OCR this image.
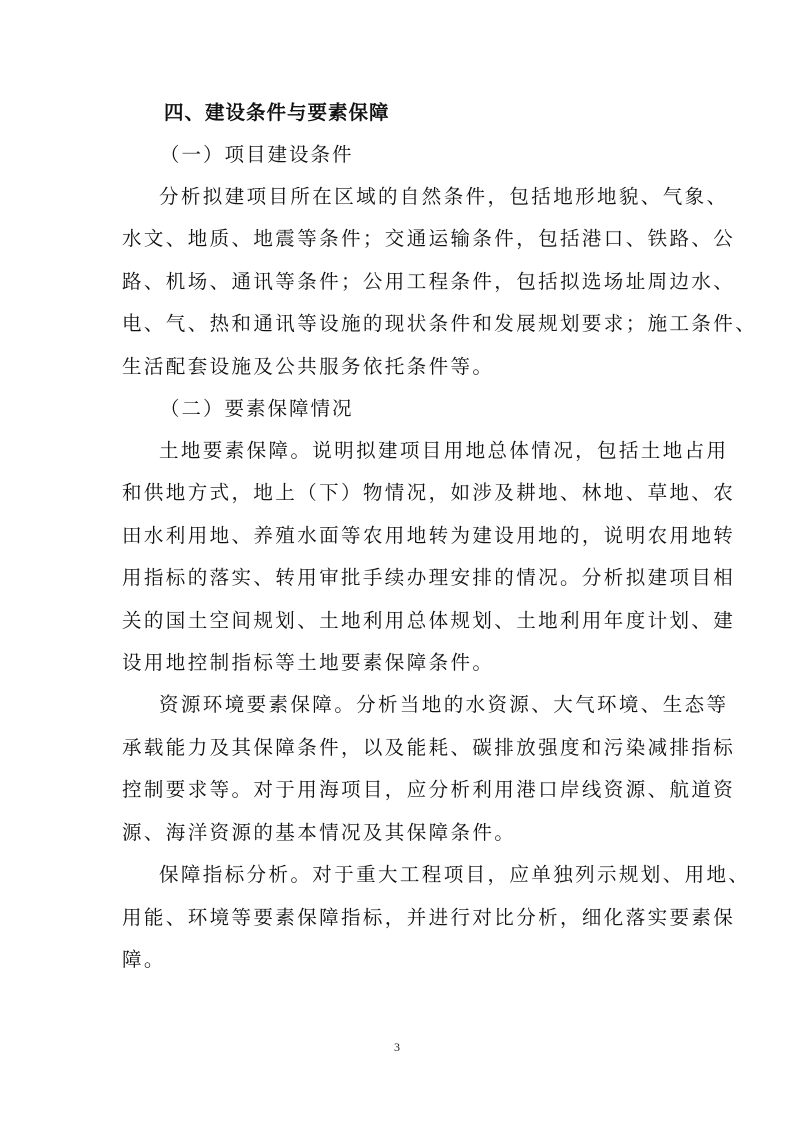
四、建设条件与要素保障
（一）项目建设条件
分析拟建项目所在区域的自然条件，包括地形地貌、气象、
水文、地质、地震等条件；交通运输条件，包括港口、铁路、公
路、机场、通讯等条件；公用工程条件，包括拟选场址周边水、
电、气、热和通讯等设施的现状条件和发展规划要求；施工条件、
生活配套设施及公共服务依托条件等。
（二）要素保障情况
土地要素保障。说明拟建项目用地总体情况，包括土地占用
和供地方式，地上（下）物情况，如涉及耕地、林地、草地、农
田水利用地、养殖水面等农用地转为建设用地的，说明农用地转
用指标的落实、转用审批手续办理安排的情况。分析拟建项目相
关的国土空间规划、土地利用总体规划、土地利用年度计划、建
设用地控制指标等土地要素保障条件。
资源环境要素保障。分析当地的水资源、大气环境、生态等
承载能力及其保障条件，以及能耗、碳排放强度和污染减排指标
控制要求等。对于用海项目，应分析利用港口岸线资源、航道资
源、海洋资源的基本情况及其保障条件。
保障指标分析。对于重大工程项目，应单独列示规划、用地、
用能、环境等要素保障指标，并进行对比分析，细化落实要素保
障。
3
